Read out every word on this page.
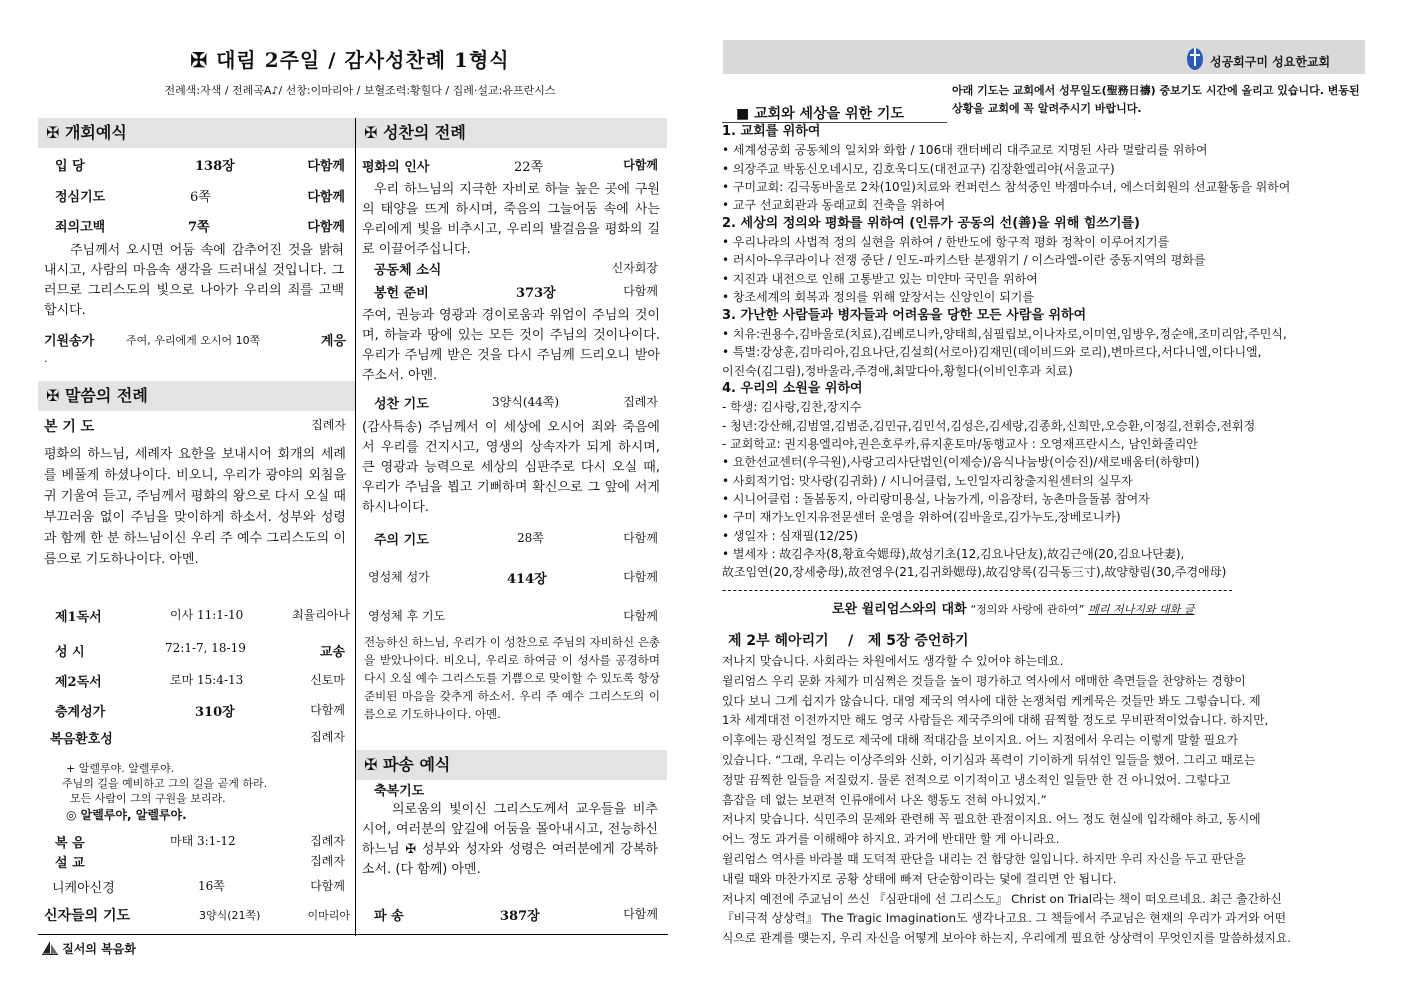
✠ 대림 2주일 / 감사성찬례 1형식
전례색:자색 / 전례곡A♪/ 선창:이마리아 / 보혈조력:황힐다 / 집례·설교:유프란시스
✠ 개회예식
입 당	138장	다함께
정심기도	6쪽	다함께
죄의고백	7쪽	다함께
주님께서 오시면 어둠 속에 감추어진 것을 밝혀내시고, 사람의 마음속 생각을 드러내실 것입니다. 그러므로 그리스도의 빛으로 나아가 우리의 죄를 고백합시다.
기원송가	주여, 우리에게 오시어 10쪽	계응
.
✠ 말씀의 전례
본 기 도	집례자
평화의 하느님, 세례자 요한을 보내시어 회개의 세례를 베풀게 하셨나이다. 비오니, 우리가 광야의 외침을 귀 기울여 듣고, 주님께서 평화의 왕으로 다시 오실 때 부끄러움 없이 주님을 맞이하게 하소서. 성부와 성령과 함께 한 분 하느님이신 우리 주 예수 그리스도의 이름으로 기도하나이다. 아멘.
제1독서	이사 11:1-10	최율리아나
성 시	72:1-7, 18-19	교송
제2독서	로마 15:4-13	신토마
층계성가	310장	다함께
복음환호성	집례자
+ 알렐루야. 알렐루야.
주님의 길을 예비하고 그의 길을 곧게 하라.
모든 사람이 그의 구원을 보리라.
◎ 알렐루야, 알렐루야.
복 음	마태 3:1-12	집례자
설 교	집례자
니케아신경	16쪽	다함께
신자들의 기도	3양식(21쪽)	이마리아
질서의 복음화
✠ 성찬의 전례
평화의 인사	22쪽	다함께
우리 하느님의 지극한 자비로 하늘 높은 곳에 구원의 태양을 뜨게 하시며, 죽음의 그늘어둠 속에 사는 우리에게 빛을 비추시고, 우리의 발걸음을 평화의 길로 이끌어주십니다.
공동체 소식	신자회장
봉헌 준비	373장	다함께
주여, 권능과 영광과 경이로움과 위엄이 주님의 것이며, 하늘과 땅에 있는 모든 것이 주님의 것이나이다. 우리가 주님께 받은 것을 다시 주님께 드리오니 받아주소서. 아멘.
성찬 기도	3양식(44쪽)	집례자
(감사특송) 주님께서 이 세상에 오시어 죄와 죽음에서 우리를 건지시고, 영생의 상속자가 되게 하시며, 큰 영광과 능력으로 세상의 심판주로 다시 오실 때, 우리가 주님을 뵙고 기뻐하며 확신으로 그 앞에 서게 하시나이다.
주의 기도	28쪽	다함께
영성체 성가	414장	다함께
영성체 후 기도	다함께
전능하신 하느님, 우리가 이 성찬으로 주님의 자비하신 은총을 받았나이다. 비오니, 우리로 하여금 이 성사를 공경하며 다시 오실 예수 그리스도를 기쁨으로 맞이할 수 있도록 항상 준비된 마음을 갖추게 하소서. 우리 주 예수 그리스도의 이름으로 기도하나이다. 아멘.
✠ 파송 예식
축복기도
의로움의 빛이신 그리스도께서 교우들을 비추시어, 여러분의 앞길에 어둠을 몰아내시고, 전능하신 하느님 ✠ 성부와 성자와 성령은 여러분에게 강복하소서. (다 함께) 아멘.
파 송	387장	다함께
성공회구미 성요한교회
아래 기도는 교회에서 성무일도(聖務日禱) 중보기도 시간에 올리고 있습니다. 변동된 상황을 교회에 꼭 알려주시기 바랍니다.
■ 교회와 세상을 위한 기도
1. 교회를 위하여
• 세계성공회 공동체의 일치와 화합 / 106대 캔터베리 대주교로 지명된 사라 멀랄리를 위하여
• 의장주교 박동신오네시모, 김호욱디도(대전교구) 김장환엘리야(서울교구)
• 구미교회: 김극동바울로 2차(10일)치료와 컨퍼런스 참석중인 박젬마수녀, 에스더회원의 선교활동을 위하여
• 교구 선교회관과 동래교회 건축을 위하여
2. 세상의 정의와 평화를 위하여 (인류가 공동의 선(善)을 위해 힘쓰기를)
• 우리나라의 사법적 정의 실현을 위하여 / 한반도에 항구적 평화 정착이 이루어지기를
• 러시아-우쿠라이나 전쟁 중단 / 인도-파키스탄 분쟁위기 / 이스라엘-이란 중동지역의 평화를
• 지진과 내전으로 인해 고통받고 있는 미얀마 국민을 위하여
• 창조세계의 회복과 정의를 위해 앞장서는 신앙인이 되기를
3. 가난한 사람들과 병자들과 어려움을 당한 모든 사람을 위하여
• 치유:권용수,김바울로(치료),김베로니카,양태희,심필립보,이나자로,이미연,임방우,정순애,조미리암,주민식,
• 특별:강상훈,김마리아,김요나단,김설희(서로아)김재민(데이비드와 로리),변마르다,서다니엘,이다니엘,
이진숙(김그림),정바울라,주경애,최말다아,황힐다(이비인후과 치료)
4. 우리의 소원을 위하여
- 학생: 김사랑,김찬,장지수
- 청년:강산해,김범열,김범준,김민규,김민석,김성은,김세랑,김종화,신희만,오승환,이정길,전휘승,전휘정
- 교회학교: 권지용엘리야,권은호루카,류지훈토마/동행교사 : 오영재프란시스, 남인화줄리안
• 요한선교센터(우극원),사랑고리사단법인(이제승)/음식나눔방(이승진)/새로배움터(하향미)
• 사회적기업: 맛사랑(김귀화) / 시니어클럽, 노인일자리창출지원센터의 실무자
• 시니어클럽 : 돌봄동지, 아리랑미용실, 나눔가게, 이음장터, 농촌마을돌봄 참여자
• 구미 재가노인지유전문센터 운영을 위하여(김바울로,김가누도,장베로니카)
• 생일자 : 심재필(12/25)
• 별세자 : 故김추자(8,황효숙媤母),故성기초(12,김요나단友),故김근애(20,김요나단妻),
故조임연(20,장세충母),故전영우(21,김귀화媤母),故김양록(김극동三寸),故양향림(30,주경애母)
------------------------------------------------------------------------------------------------
로완 윌리엄스와의 대화 “정의와 사랑에 관하여” 메리 저나지와 대화 글
제 2부 헤아리기    /   제 5장 증언하기
저나지 맞습니다. 사회라는 차원에서도 생각할 수 있어야 하는데요.
윌리엄스 우리 문화 자체가 미심쩍은 것들을 높이 평가하고 역사에서 애매한 측면들을 찬양하는 경향이
있다 보니 그게 쉽지가 않습니다. 대영 제국의 역사에 대한 논쟁처럼 케케묵은 것들만 봐도 그렇습니다. 제
1차 세계대전 이전까지만 해도 영국 사람들은 제국주의에 대해 끔찍할 정도로 무비판적이었습니다. 하지만,
이후에는 광신적일 정도로 제국에 대해 적대감을 보이지요. 어느 지점에서 우리는 이렇게 말할 필요가
있습니다. “그래, 우리는 이상주의와 신화, 이기심과 폭력이 기이하게 뒤섞인 일들을 했어. 그리고 때로는
정말 끔찍한 일들을 저질렀지. 물론 전적으로 이기적이고 냉소적인 일들만 한 건 아니었어. 그렇다고
흠잡을 데 없는 보편적 인류애에서 나온 행동도 전혀 아니었지.”
저나지 맞습니다. 식민주의 문제와 관련해 꼭 필요한 관점이지요. 어느 정도 현실에 입각해야 하고, 동시에
어느 정도 과거를 이해해야 하지요. 과거에 반대만 할 게 아니라요.
윌리엄스 역사를 바라볼 때 도덕적 판단을 내리는 건 합당한 일입니다. 하지만 우리 자신을 두고 판단을
내릴 때와 마찬가지로 공황 상태에 빠져 단순함이라는 덫에 걸리면 안 됩니다.
저나지 예전에 주교님이 쓰신 『심판대에 선 그리스도』 Christ on Trial라는 책이 떠오르네요. 최근 출간하신
『비극적 상상력』 The Tragic Imagination도 생각나고요. 그 책들에서 주교님은 현재의 우리가 과거와 어떤
식으로 관계를 맺는지, 우리 자신을 어떻게 보아야 하는지, 우리에게 필요한 상상력이 무엇인지를 말씀하셨지요.
